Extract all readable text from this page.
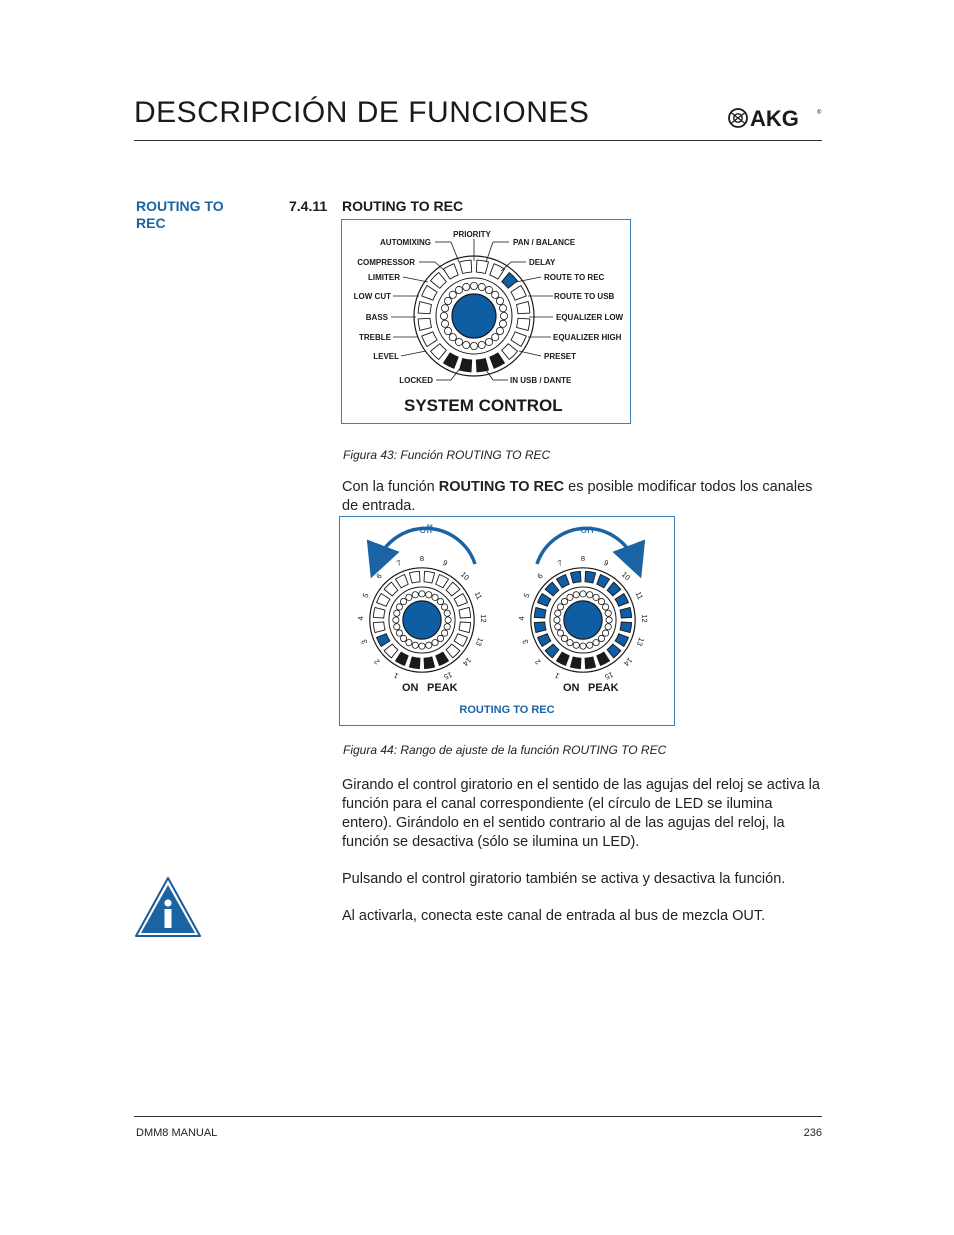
DESCRIPCIÓN DE FUNCIONES	AKG	®
ROUTING TO
REC
7.4.11 ROUTING TO REC
PRIORITY
AUTOMIXING	PAN / BALANCE
COMPRESSOR	DELAY
LIMITER	ROUTE TO REC
LOW CUT	ROUTE TO USB
BASS	EQUALIZER LOW
TREBLE	EQUALIZER HIGH
LEVEL	PRESET
LOCKED	IN USB / DANTE
SYSTEM CONTROL
Figura 43: Función ROUTING TO REC

Con la función ROUTING TO REC es posible modificar todos los canales de entrada.

off	on
1
2
3
4
5
6
7 8 9
10
11
12
13
14
15	1
2
3
4
5
6
7 8 9
10
11
12
13
14
15
ON PEAK	ON PEAK
ROUTING TO REC
Figura 44: Rango de ajuste de la función ROUTING TO REC

Girando el control giratorio en el sentido de las agujas del reloj se activa la función para el canal correspondiente (el círculo de LED se ilumina entero). Girándolo en el sentido contrario al de las agujas del reloj, la función se desactiva (sólo se ilumina un LED).

Pulsando el control giratorio también se activa y desactiva la función.

Al activarla, conecta este canal de entrada al bus de mezcla OUT.

DMM8 MANUAL	236
